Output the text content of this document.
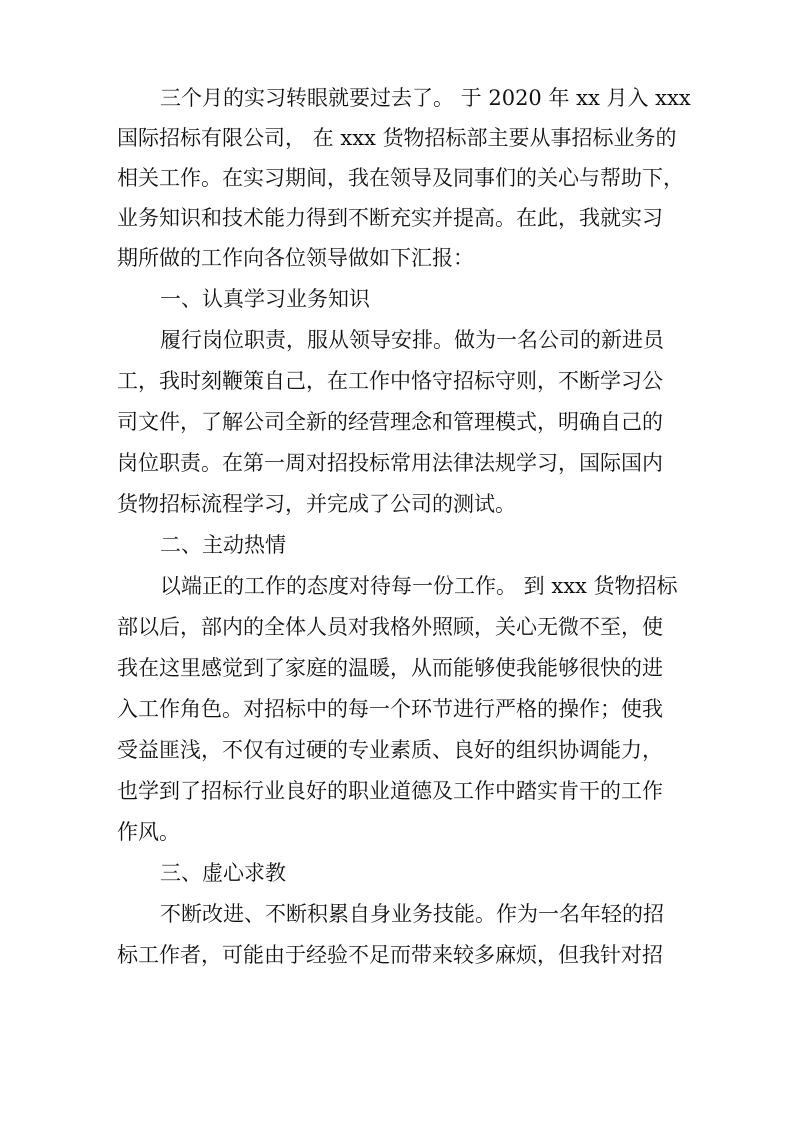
三个月的实习转眼就要过去了。 于 2020 年 xx 月入 xxx

国际招标有限公司， 在 xxx 货物招标部主要从事招标业务的

相关工作。在实习期间，我在领导及同事们的关心与帮助下，

业务知识和技术能力得到不断充实并提高。在此，我就实习

期所做的工作向各位领导做如下汇报：

一、认真学习业务知识

履行岗位职责，服从领导安排。做为一名公司的新进员

工，我时刻鞭策自己，在工作中恪守招标守则，不断学习公

司文件，了解公司全新的经营理念和管理模式，明确自己的

岗位职责。在第一周对招投标常用法律法规学习，国际国内

货物招标流程学习，并完成了公司的测试。

二、主动热情

以端正的工作的态度对待每一份工作。 到 xxx 货物招标

部以后，部内的全体人员对我格外照顾，关心无微不至，使

我在这里感觉到了家庭的温暖，从而能够使我能够很快的进

入工作角色。对招标中的每一个环节进行严格的操作；使我

受益匪浅，不仅有过硬的专业素质、良好的组织协调能力，

也学到了招标行业良好的职业道德及工作中踏实肯干的工作

作风。

三、虚心求教

不断改进、不断积累自身业务技能。作为一名年轻的招

标工作者，可能由于经验不足而带来较多麻烦，但我针对招
